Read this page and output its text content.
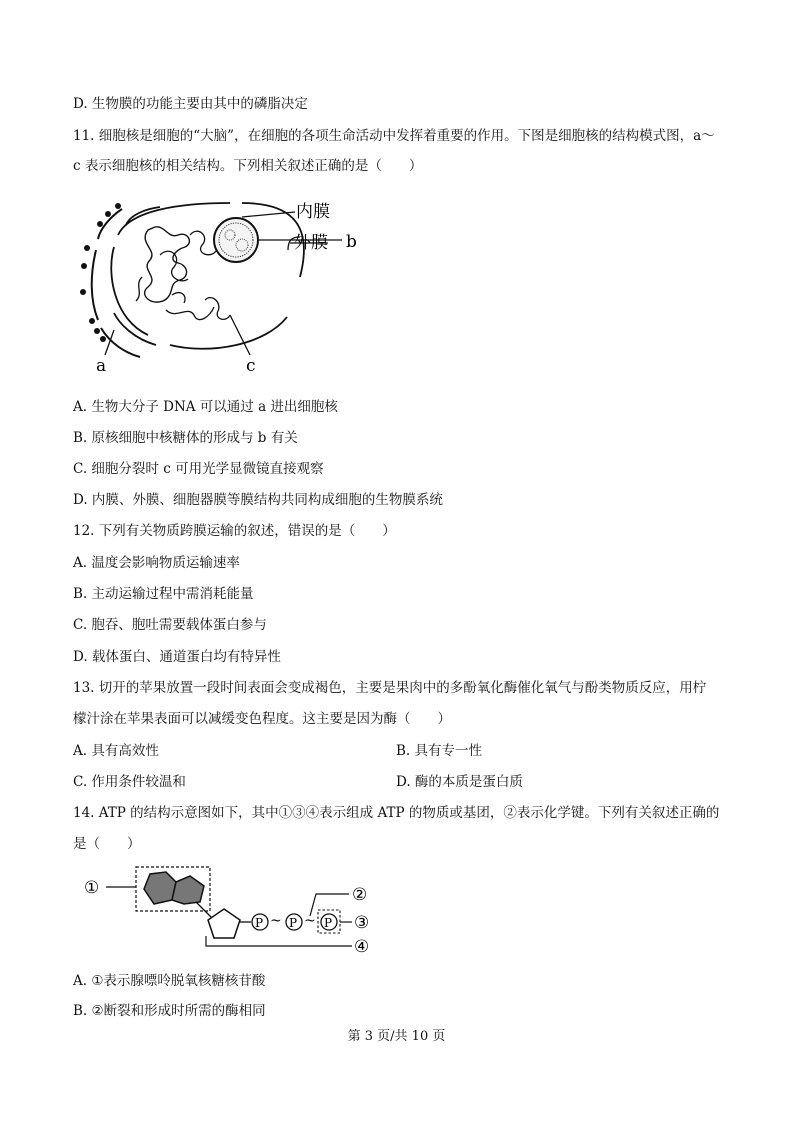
D. 生物膜的功能主要由其中的磷脂决定
11. 细胞核是细胞的“大脑”，在细胞的各项生命活动中发挥着重要的作用。下图是细胞核的结构模式图，a～
c 表示细胞核的相关结构。下列相关叙述正确的是（　　）
内膜
外膜 b
a	c
A. 生物大分子 DNA 可以通过 a 进出细胞核
B. 原核细胞中核糖体的形成与 b 有关
C. 细胞分裂时 c 可用光学显微镜直接观察
D. 内膜、外膜、细胞器膜等膜结构共同构成细胞的生物膜系统
12. 下列有关物质跨膜运输的叙述，错误的是（　　）
A. 温度会影响物质运输速率
B. 主动运输过程中需消耗能量
C. 胞吞、胞吐需要载体蛋白参与
D. 载体蛋白、通道蛋白均有特异性
13. 切开的苹果放置一段时间表面会变成褐色，主要是果肉中的多酚氧化酶催化氧气与酚类物质反应，用柠
檬汁涂在苹果表面可以减缓变色程度。这主要是因为酶（　　）
A. 具有高效性	B. 具有专一性
C. 作用条件较温和	D. 酶的本质是蛋白质
14. ATP 的结构示意图如下，其中①③④表示组成 ATP 的物质或基团，②表示化学键。下列有关叙述正确的
是（　　）
①
P ~ P ~ P
②
③
④
A. ①表示腺嘌呤脱氧核糖核苷酸
B. ②断裂和形成时所需的酶相同
第 3 页/共 10 页
